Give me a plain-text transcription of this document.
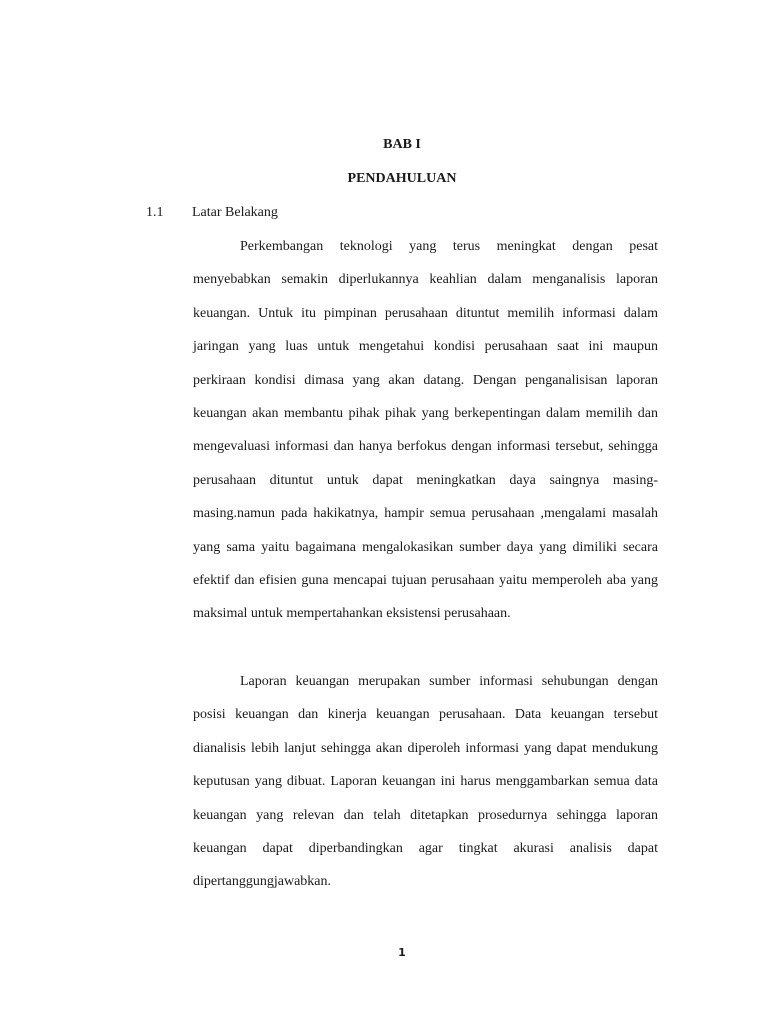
BAB I
PENDAHULUAN
1.1 Latar Belakang

Perkembangan teknologi yang terus meningkat dengan pesat menyebabkan semakin diperlukannya keahlian dalam menganalisis laporan keuangan. Untuk itu pimpinan perusahaan dituntut memilih informasi dalam jaringan yang luas untuk mengetahui kondisi perusahaan saat ini maupun perkiraan kondisi dimasa yang akan datang. Dengan penganalisisan laporan keuangan akan membantu pihak pihak yang berkepentingan dalam memilih dan mengevaluasi informasi dan hanya berfokus dengan informasi tersebut, sehingga perusahaan dituntut untuk dapat meningkatkan daya saingnya masing-masing.namun pada hakikatnya, hampir semua perusahaan ,mengalami masalah yang sama yaitu bagaimana mengalokasikan sumber daya yang dimiliki secara efektif dan efisien guna mencapai tujuan perusahaan yaitu memperoleh aba yang maksimal untuk mempertahankan eksistensi perusahaan.

Laporan keuangan merupakan sumber informasi sehubungan dengan posisi keuangan dan kinerja keuangan perusahaan. Data keuangan tersebut dianalisis lebih lanjut sehingga akan diperoleh informasi yang dapat mendukung keputusan yang dibuat. Laporan keuangan ini harus menggambarkan semua data keuangan yang relevan dan telah ditetapkan prosedurnya sehingga laporan keuangan dapat diperbandingkan agar tingkat akurasi analisis dapat dipertanggungjawabkan.

1
